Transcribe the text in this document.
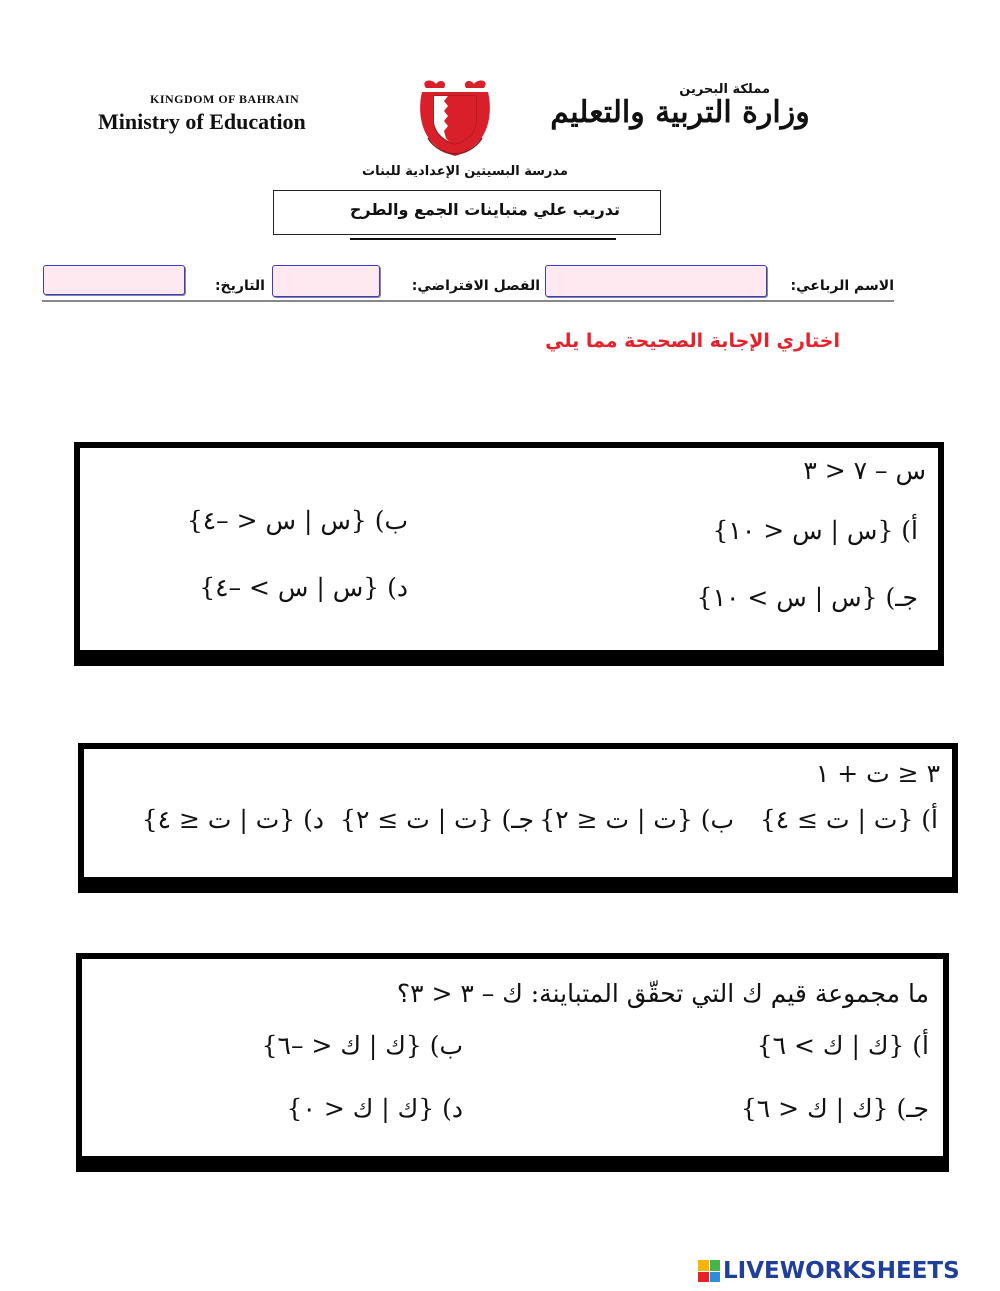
KINGDOM OF BAHRAIN
Ministry of Education
مملكة البحرين
وزارة التربية والتعليم
مدرسة البسيتين الإعدادية للبنات
تدريب علي متباينات الجمع والطرح
الاسم الرباعي:
الفصل الافتراضي:
التاريخ:
اختاري الإجابة الصحيحة مما يلي
س – ٧ < ٣
أ) {س | س < ١٠}
ب) {س | س < –٤}
جـ) {س | س > ١٠}
د) {س | س > –٤}
٣ ≤ ت + ١
أ) {ت | ت ≥ ٤}
ب) {ت | ت ≤ ٢}
جـ) {ت | ت ≥ ٢}
د) {ت | ت ≤ ٤}
ما مجموعة قيم ك التي تحقّق المتباينة: ك – ٣ < ٣؟
أ) {ك | ك > ٦}
ب) {ك | ك < –٦}
جـ) {ك | ك < ٦}
د) {ك | ك < ٠}
LIVEWORKSHEETS
